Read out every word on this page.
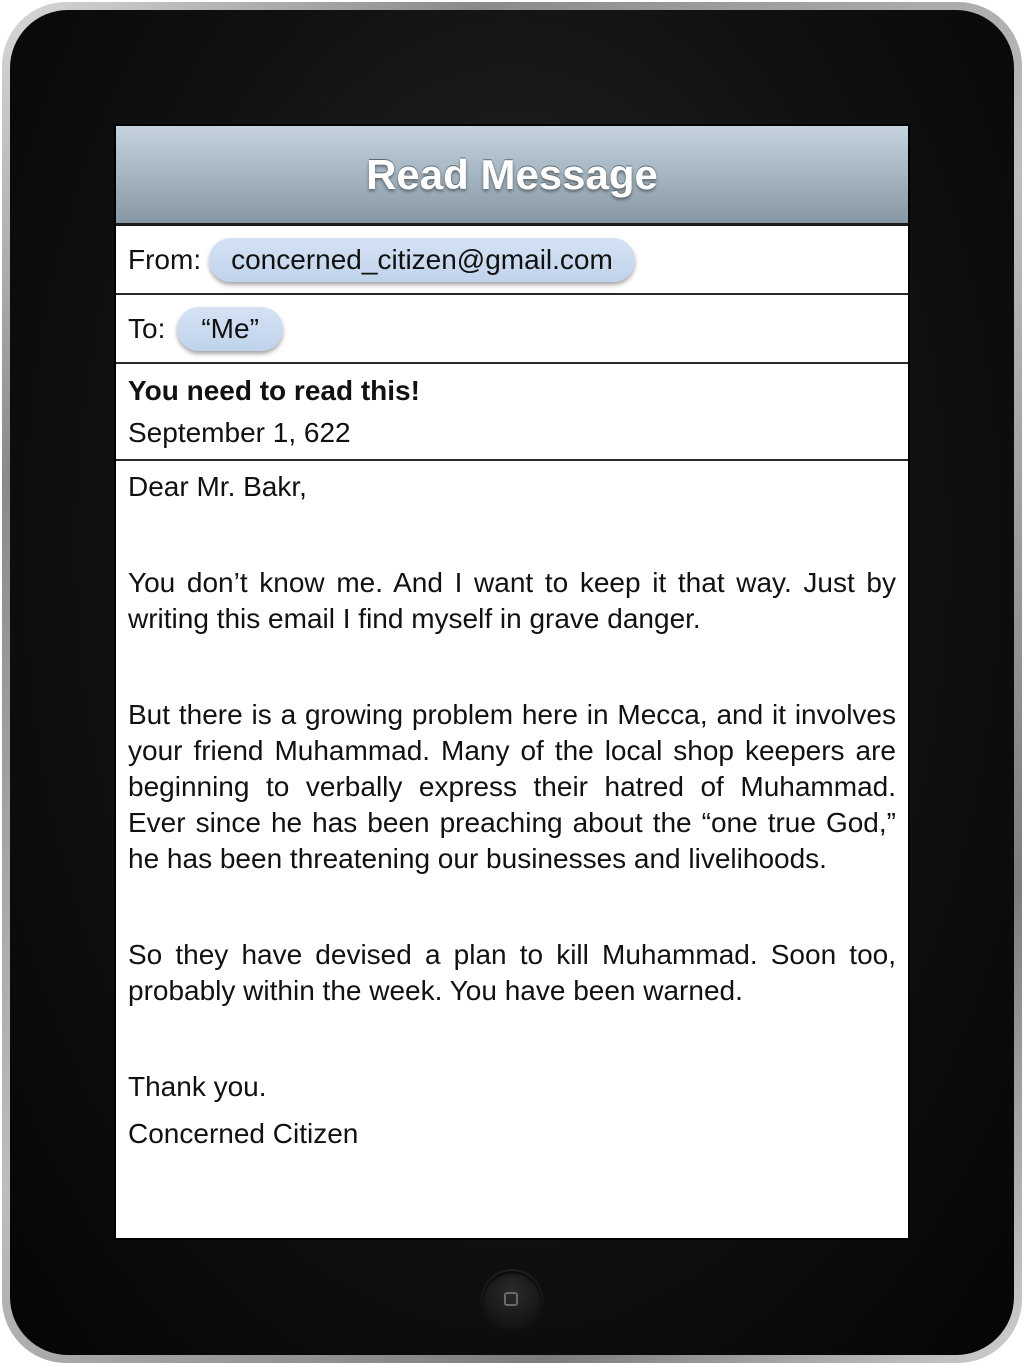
Read Message
From:	concerned_citizen@gmail.com
To:	“Me”
You need to read this!
September 1, 622

Dear Mr. Bakr,

You don’t know me. And I want to keep it that way. Just by writing this email I find myself in grave danger.

But there is a growing problem here in Mecca, and it involves your friend Muhammad. Many of the local shop keepers are beginning to verbally express their hatred of Muhammad. Ever since he has been preaching about the “one true God,” he has been threatening our businesses and livelihoods.

So they have devised a plan to kill Muhammad. Soon too, probably within the week. You have been warned.

Thank you.

Concerned Citizen
